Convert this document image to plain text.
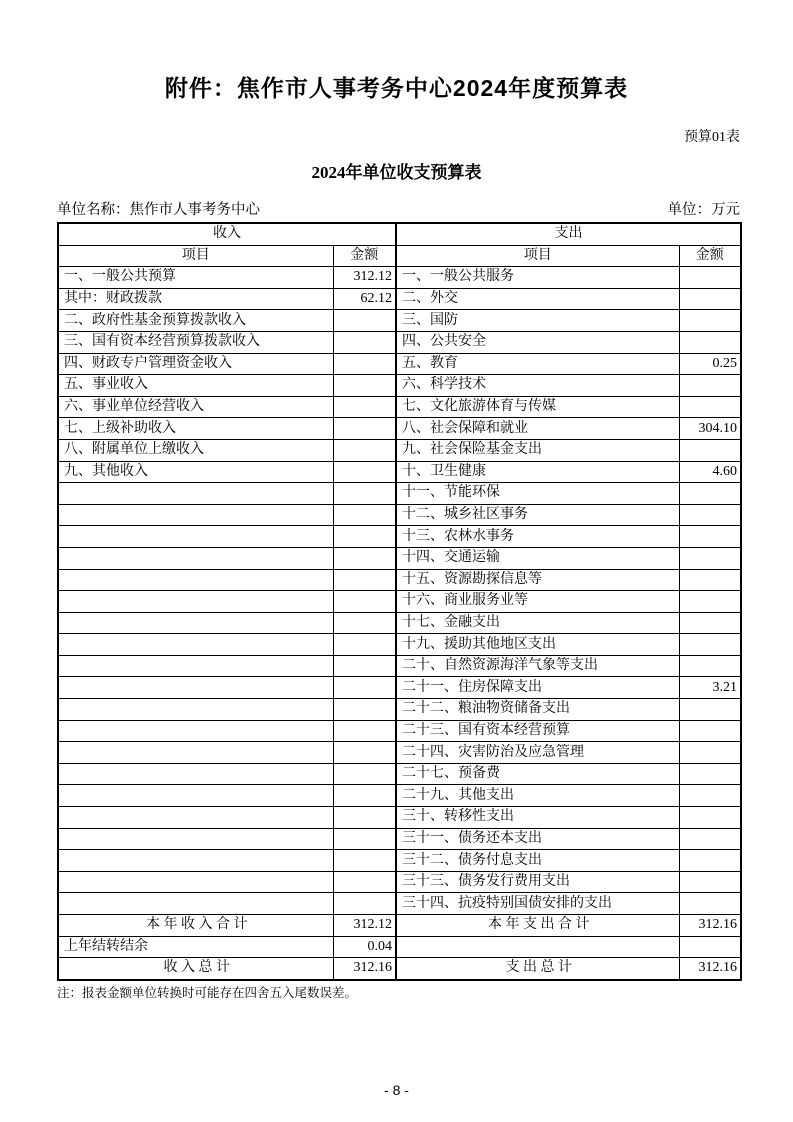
附件：焦作市人事考务中心2024年度预算表
预算01表
2024年单位收支预算表
单位名称：焦作市人事考务中心	单位：万元
收入		支出	
项目	金额	项目	金额
一、一般公共预算	312.12	一、一般公共服务	
其中：财政拨款	62.12	二、外交	
二、政府性基金预算拨款收入		三、国防	
三、国有资本经营预算拨款收入		四、公共安全	
四、财政专户管理资金收入		五、教育	0.25
五、事业收入		六、科学技术	
六、事业单位经营收入		七、文化旅游体育与传媒	
七、上级补助收入		八、社会保障和就业	304.10
八、附属单位上缴收入		九、社会保险基金支出	
九、其他收入		十、卫生健康	4.60
		十一、节能环保	
		十二、城乡社区事务	
		十三、农林水事务	
		十四、交通运输	
		十五、资源勘探信息等	
		十六、商业服务业等	
		十七、金融支出	
		十九、援助其他地区支出	
		二十、自然资源海洋气象等支出	
		二十一、住房保障支出	3.21
		二十二、粮油物资储备支出	
		二十三、国有资本经营预算	
		二十四、灾害防治及应急管理	
		二十七、预备费	
		二十九、其他支出	
		三十、转移性支出	
		三十一、债务还本支出	
		三十二、债务付息支出	
		三十三、债务发行费用支出	
		三十四、抗疫特别国债安排的支出	
本 年 收 入 合 计	312.12	本 年 支 出 合 计	312.16
上年结转结余	0.04		
收 入 总 计	312.16	支 出 总 计	312.16
注：报表金额单位转换时可能存在四舍五入尾数误差。
- 8 -
